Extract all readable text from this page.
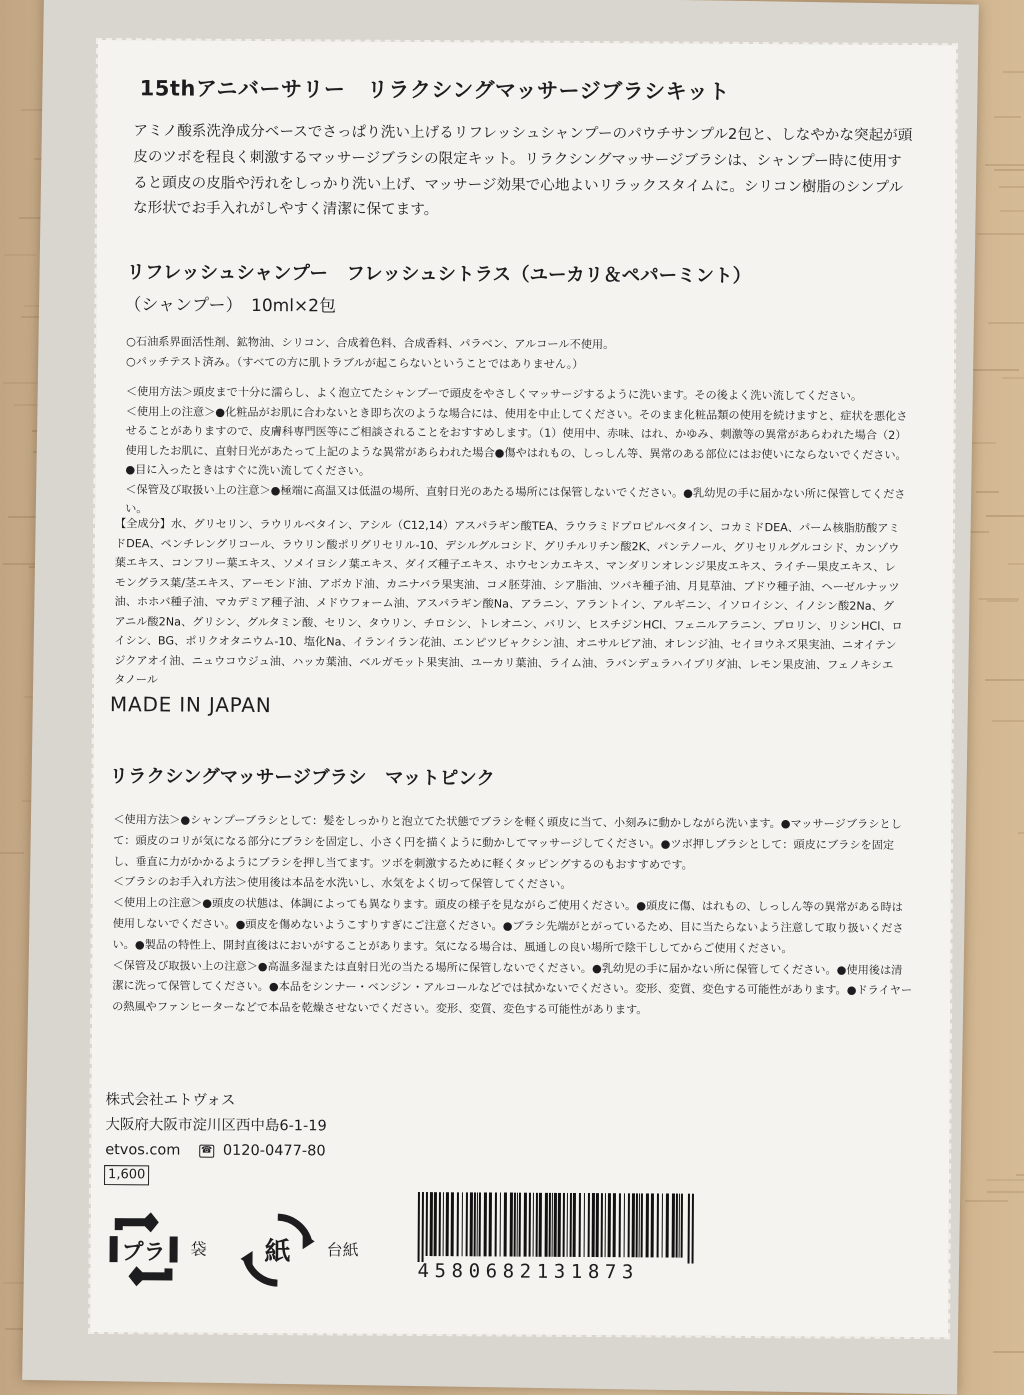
15thアニバーサリー　リラクシングマッサージブラシキット
アミノ酸系洗浄成分ベースでさっぱり洗い上げるリフレッシュシャンプーのパウチサンプル2包と、しなやかな突起が頭皮のツボを程良く刺激するマッサージブラシの限定キット。リラクシングマッサージブラシは、シャンプー時に使用すると頭皮の皮脂や汚れをしっかり洗い上げ、マッサージ効果で心地よいリラックスタイムに。シリコン樹脂のシンプルな形状でお手入れがしやすく清潔に保てます。
リフレッシュシャンプー　フレッシュシトラス（ユーカリ＆ペパーミント）
（シャンプー）　10ml×2包
○石油系界面活性剤、鉱物油、シリコン、合成着色料、合成香料、パラベン、アルコール不使用。
○パッチテスト済み。（すべての方に肌トラブルが起こらないということではありません。）
＜使用方法＞頭皮まで十分に濡らし、よく泡立てたシャンプーで頭皮をやさしくマッサージするように洗います。その後よく洗い流してください。
＜使用上の注意＞●化粧品がお肌に合わないとき即ち次のような場合には、使用を中止してください。そのまま化粧品類の使用を続けますと、症状を悪化させることがありますので、皮膚科専門医等にご相談されることをおすすめします。（1）使用中、赤味、はれ、かゆみ、刺激等の異常があらわれた場合（2）使用したお肌に、直射日光があたって上記のような異常があらわれた場合●傷やはれもの、しっしん等、異常のある部位にはお使いにならないでください。●目に入ったときはすぐに洗い流してください。
＜保管及び取扱い上の注意＞●極端に高温又は低温の場所、直射日光のあたる場所には保管しないでください。●乳幼児の手に届かない所に保管してください。
【全成分】水、グリセリン、ラウリルベタイン、アシル（C12,14）アスパラギン酸TEA、ラウラミドプロピルベタイン、コカミドDEA、パーム核脂肪酸アミドDEA、ペンチレングリコール、ラウリン酸ポリグリセリル-10、デシルグルコシド、グリチルリチン酸2K、パンテノール、グリセリルグルコシド、カンゾウ葉エキス、コンフリー葉エキス、ソメイヨシノ葉エキス、ダイズ種子エキス、ホウセンカエキス、マンダリンオレンジ果皮エキス、ライチー果皮エキス、レモングラス葉/茎エキス、アーモンド油、アボカド油、カニナバラ果実油、コメ胚芽油、シア脂油、ツバキ種子油、月見草油、ブドウ種子油、ヘーゼルナッツ油、ホホバ種子油、マカデミア種子油、メドウフォーム油、アスパラギン酸Na、アラニン、アラントイン、アルギニン、イソロイシン、イノシン酸2Na、グアニル酸2Na、グリシン、グルタミン酸、セリン、タウリン、チロシン、トレオニン、バリン、ヒスチジンHCl、フェニルアラニン、プロリン、リシンHCl、ロイシン、BG、ポリクオタニウム-10、塩化Na、イランイラン花油、エンピツビャクシン油、オニサルビア油、オレンジ油、セイヨウネズ果実油、ニオイテンジクアオイ油、ニュウコウジュ油、ハッカ葉油、ベルガモット果実油、ユーカリ葉油、ライム油、ラバンデュラハイブリダ油、レモン果皮油、フェノキシエタノール
MADE IN JAPAN
リラクシングマッサージブラシ　マットピンク
＜使用方法＞●シャンプーブラシとして：髪をしっかりと泡立てた状態でブラシを軽く頭皮に当て、小刻みに動かしながら洗います。●マッサージブラシとして：頭皮のコリが気になる部分にブラシを固定し、小さく円を描くように動かしてマッサージしてください。●ツボ押しブラシとして：頭皮にブラシを固定し、垂直に力がかかるようにブラシを押し当てます。ツボを刺激するために軽くタッピングするのもおすすめです。
＜ブラシのお手入れ方法＞使用後は本品を水洗いし、水気をよく切って保管してください。
＜使用上の注意＞●頭皮の状態は、体調によっても異なります。頭皮の様子を見ながらご使用ください。●頭皮に傷、はれもの、しっしん等の異常がある時は使用しないでください。●頭皮を傷めないようこすりすぎにご注意ください。●ブラシ先端がとがっているため、目に当たらないよう注意して取り扱いください。●製品の特性上、開封直後はにおいがすることがあります。気になる場合は、風通しの良い場所で陰干ししてからご使用ください。
＜保管及び取扱い上の注意＞●高温多湿または直射日光の当たる場所に保管しないでください。●乳幼児の手に届かない所に保管してください。●使用後は清潔に洗って保管してください。●本品をシンナー・ベンジン・アルコールなどでは拭かないでください。変形、変質、変色する可能性があります。●ドライヤーの熱風やファンヒーターなどで本品を乾燥させないでください。変形、変質、変色する可能性があります。
株式会社エトヴォス
大阪府大阪市淀川区西中島6-1-19
etvos.com ☎ 0120-0477-80
1,600
プラ 袋 紙 台紙
4580682131873
